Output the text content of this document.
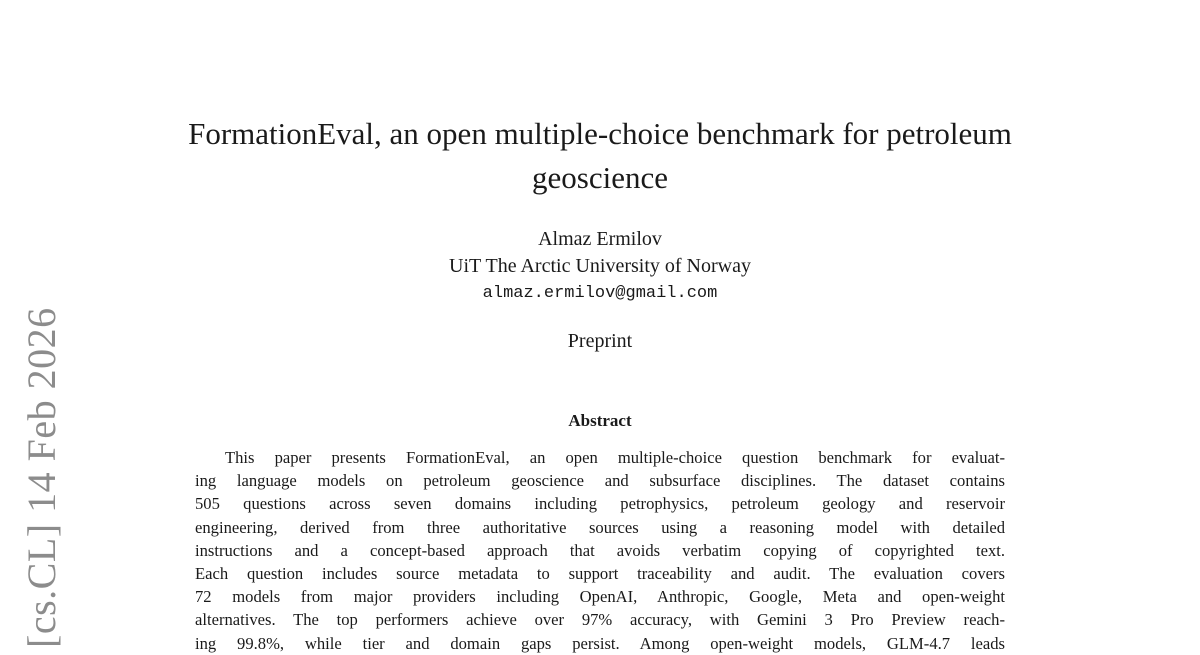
[cs.CL] 14 Feb 2026
FormationEval, an open multiple-choice benchmark for petroleum
geoscience
Almaz Ermilov
UiT The Arctic University of Norway
almaz.ermilov@gmail.com
Preprint
Abstract
This paper presents FormationEval, an open multiple-choice question benchmark for evaluat-
ing language models on petroleum geoscience and subsurface disciplines. The dataset contains
505 questions across seven domains including petrophysics, petroleum geology and reservoir
engineering, derived from three authoritative sources using a reasoning model with detailed
instructions and a concept-based approach that avoids verbatim copying of copyrighted text.
Each question includes source metadata to support traceability and audit. The evaluation covers
72 models from major providers including OpenAI, Anthropic, Google, Meta and open-weight
alternatives. The top performers achieve over 97% accuracy, with Gemini 3 Pro Preview reach-
ing 99.8%, while tier and domain gaps persist. Among open-weight models, GLM-4.7 leads
